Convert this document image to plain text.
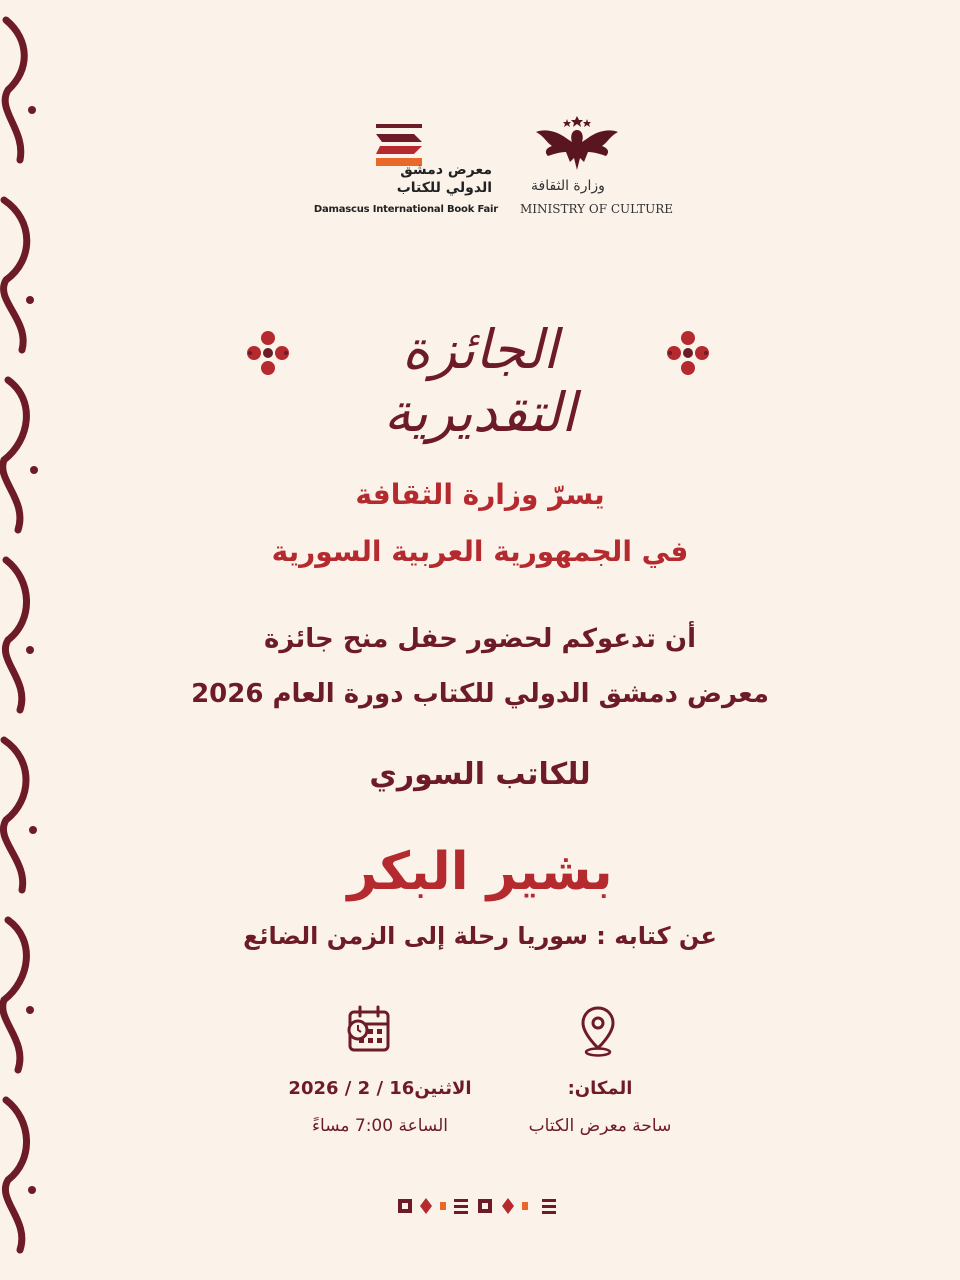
معرض دمشق
الدولي للكتاب
Damascus International Book Fair
وزارة الثقافة
MINISTRY OF CULTURE
الجائزة التقديرية
يسرّ وزارة الثقافة
في الجمهورية العربية السورية
أن تدعوكم لحضور حفل منح جائزة
معرض دمشق الدولي للكتاب دورة العام 2026
للكاتب السوري
بشير البكر
عن كتابه : سوريا رحلة إلى الزمن الضائع
الاثنين16 / 2 / 2026
الساعة 7:00 مساءً
المكان:
ساحة معرض الكتاب
